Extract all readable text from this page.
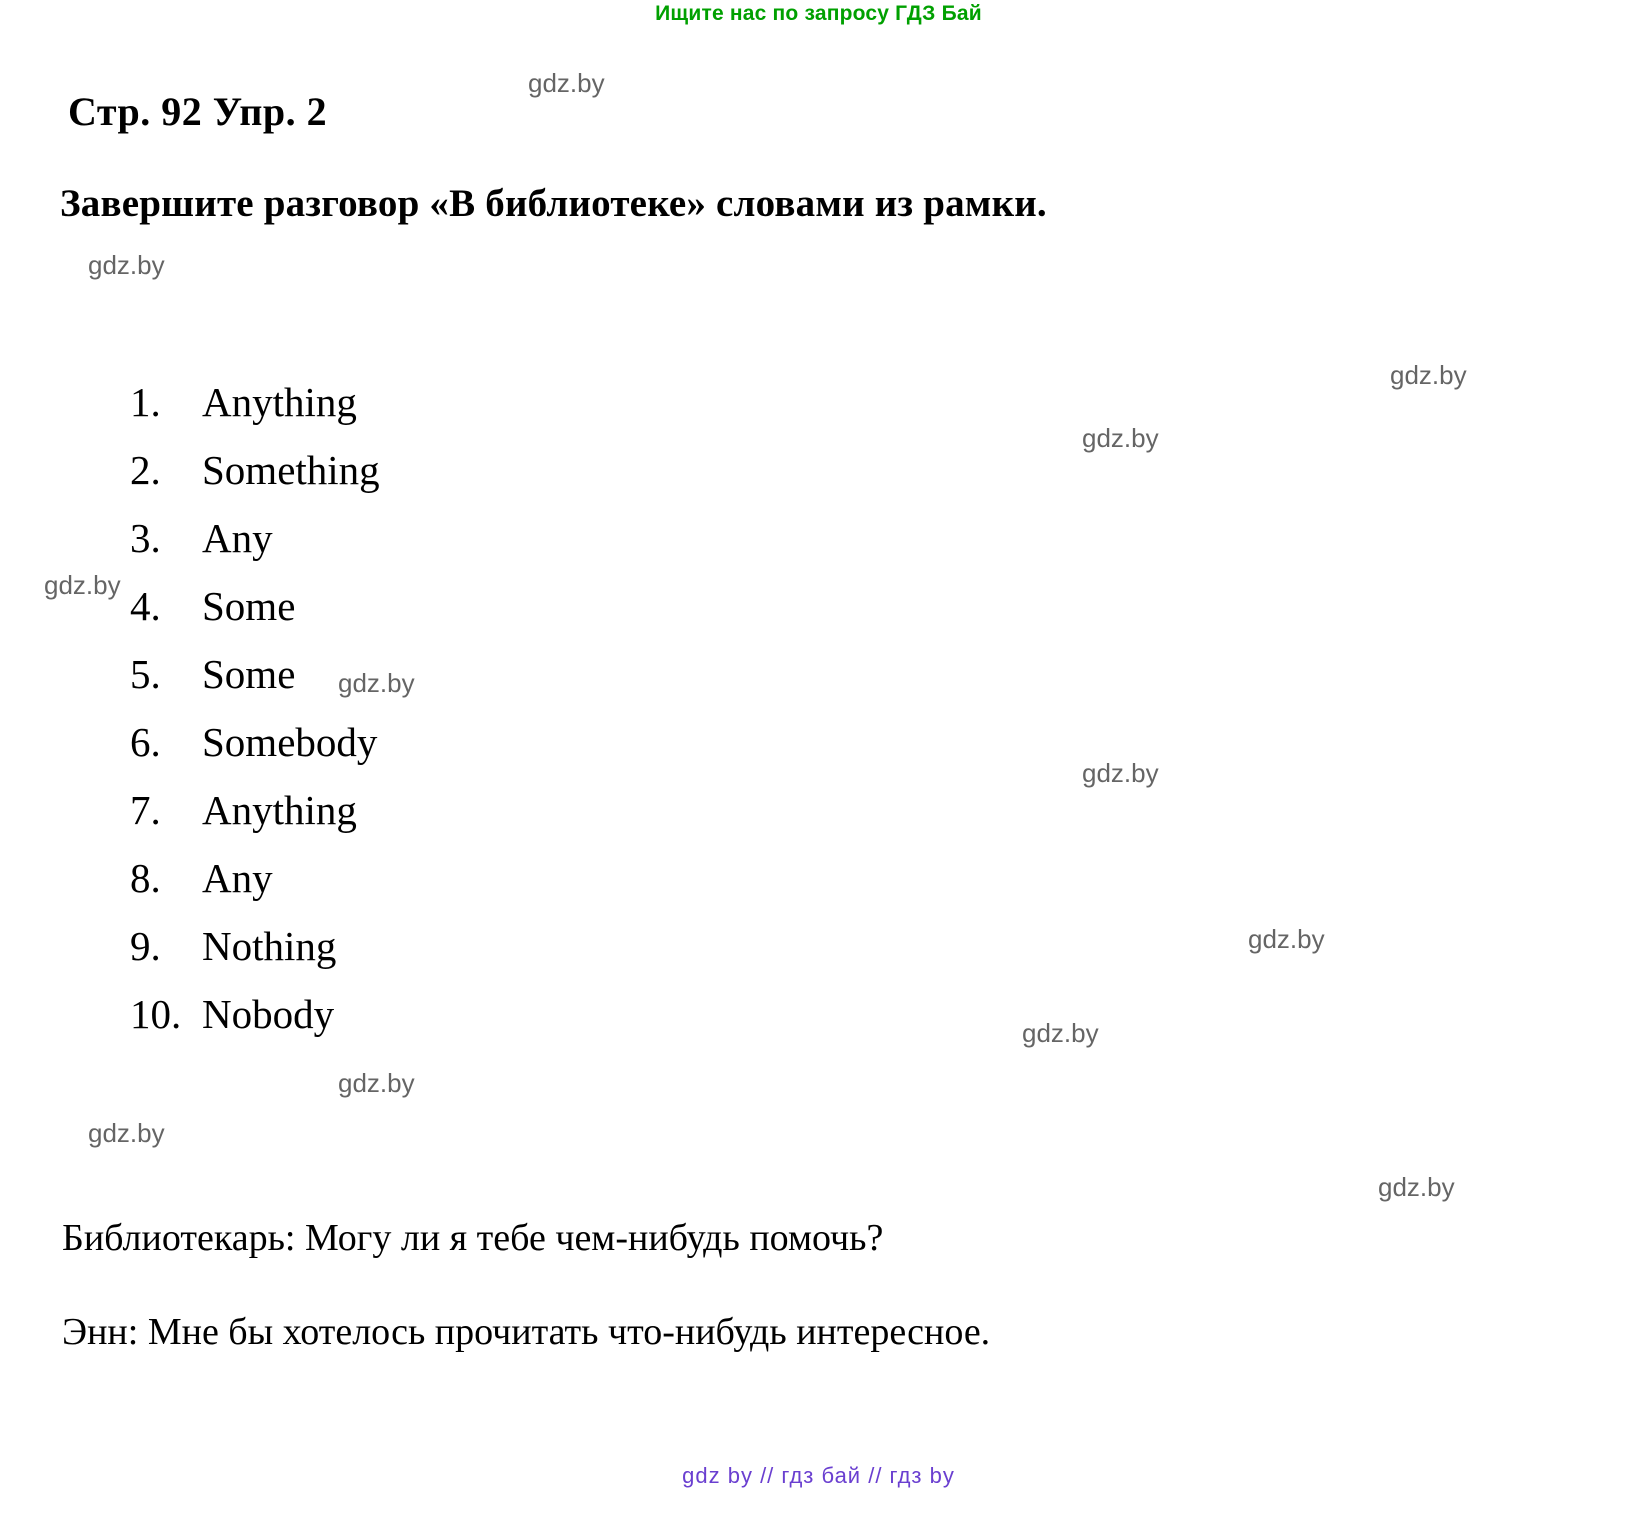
Ищите нас по запросу ГДЗ Бай
Стр. 92 Упр. 2
Завершите разговор «В библиотеке» словами из рамки.
1.	Anything
2.	Something
3.	Any
4.	Some
5.	Some
6.	Somebody
7.	Anything
8.	Any
9.	Nothing
10. Nobody
Библиотекарь: Могу ли я тебе чем-нибудь помочь?
Энн: Мне бы хотелось прочитать что-нибудь интересное.
gdz by // гдз бай // гдз by
gdz.by
gdz.by
gdz.by
gdz.by
gdz.by
gdz.by
gdz.by
gdz.by
gdz.by
gdz.by
gdz.by
gdz.by
